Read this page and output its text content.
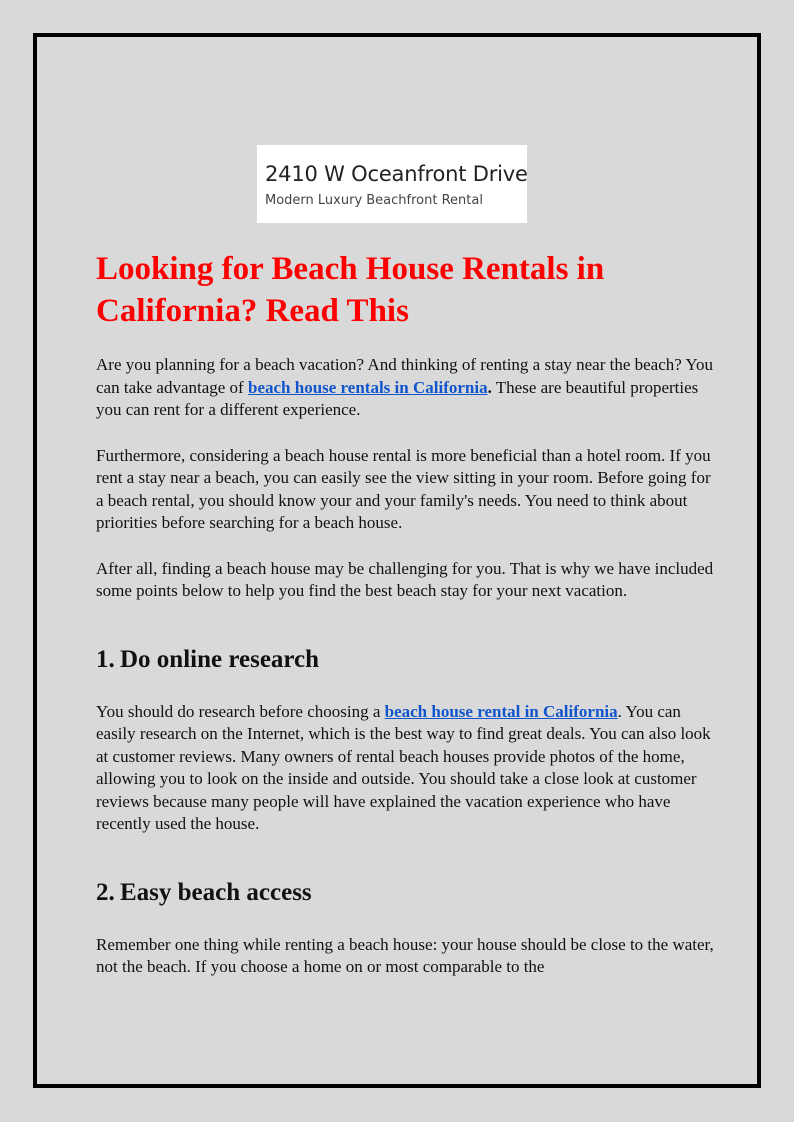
2410 W Oceanfront Drive
Modern Luxury Beachfront Rental
Looking for Beach House Rentals in California? Read This

Are you planning for a beach vacation? And thinking of renting a stay near the beach? You can take advantage of beach house rentals in California. These are beautiful properties you can rent for a different experience.

Furthermore, considering a beach house rental is more beneficial than a hotel room. If you rent a stay near a beach, you can easily see the view sitting in your room. Before going for a beach rental, you should know your and your family's needs. You need to think about priorities before searching for a beach house.

After all, finding a beach house may be challenging for you. That is why we have included some points below to help you find the best beach stay for your next vacation.

1. Do online research

You should do research before choosing a beach house rental in California. You can easily research on the Internet, which is the best way to find great deals. You can also look at customer reviews. Many owners of rental beach houses provide photos of the home, allowing you to look on the inside and outside. You should take a close look at customer reviews because many people will have explained the vacation experience who have recently used the house.

2. Easy beach access

Remember one thing while renting a beach house: your house should be close to the water, not the beach. If you choose a home on or most comparable to the
